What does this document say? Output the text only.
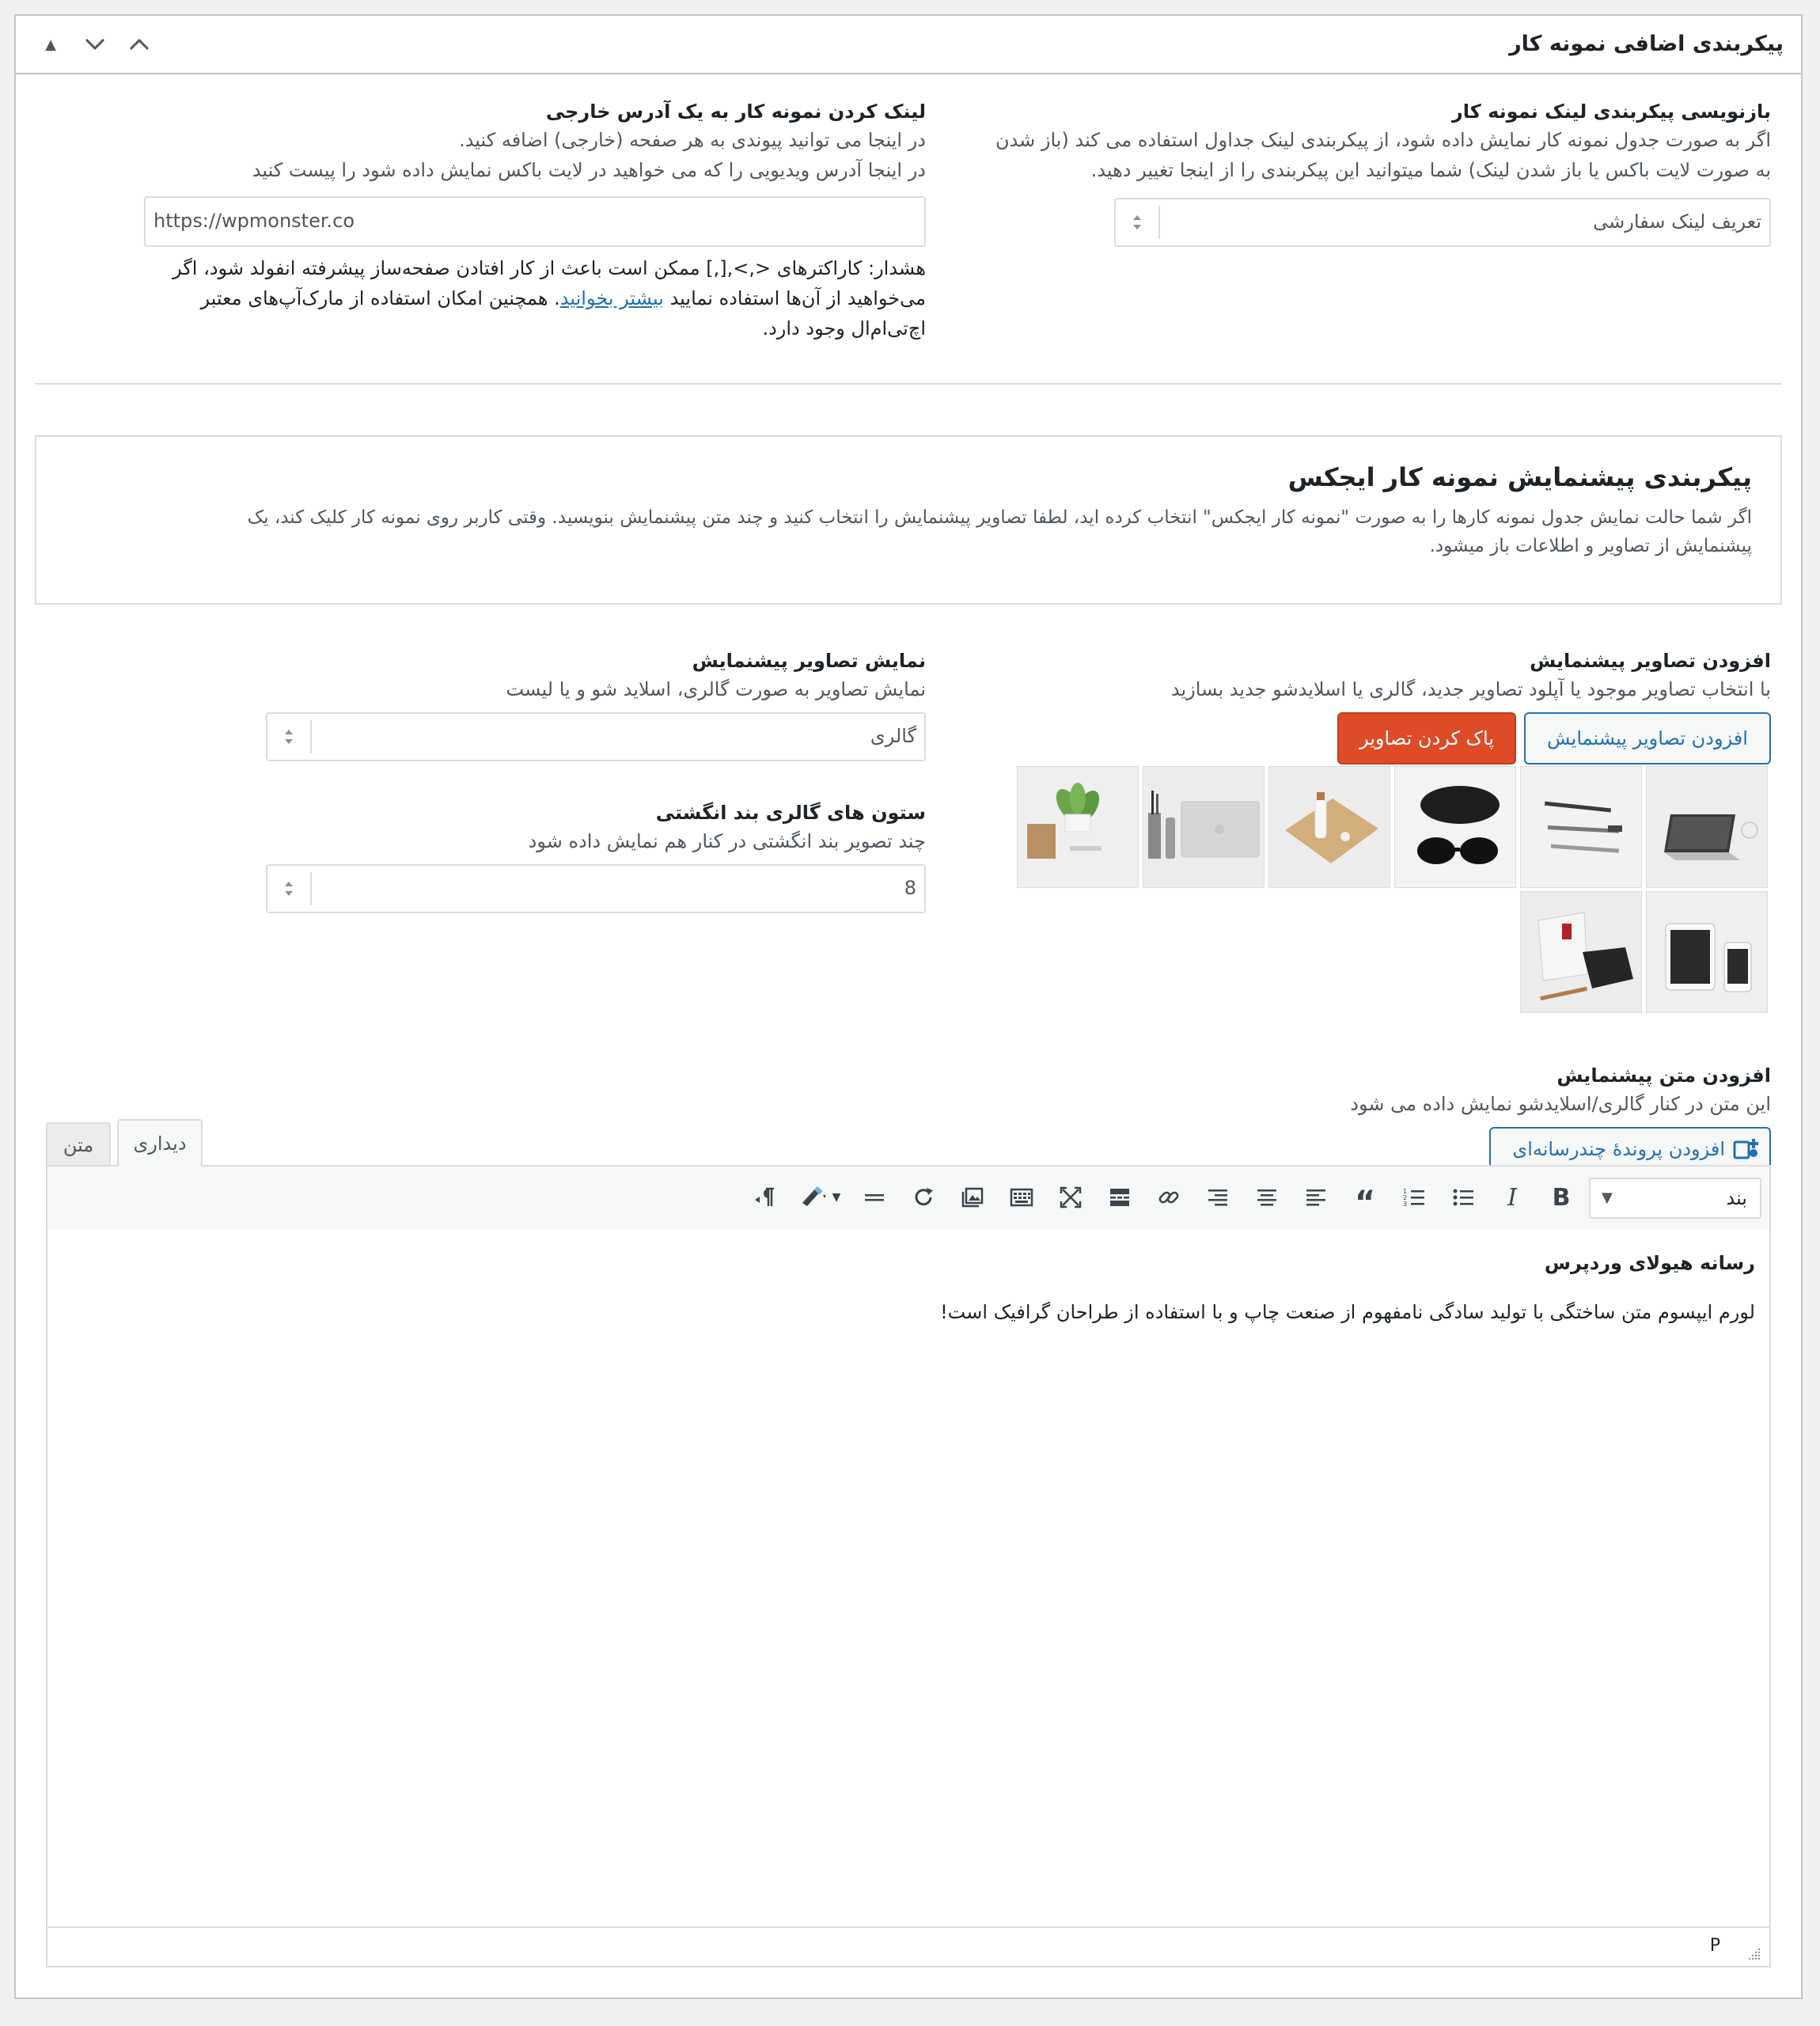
پیکربندی اضافی نمونه کار
▲
بازنویسی پیکربندی لینک نمونه کار
اگر به صورت جدول نمونه کار نمایش داده شود، از پیکربندی لینک جداول استفاده می کند (باز شدن
به صورت لایت باکس یا باز شدن لینک) شما میتوانید این پیکربندی را از اینجا تغییر دهید.
تعریف لینک سفارشی
لینک کردن نمونه کار به یک آدرس خارجی
در اینجا می توانید پیوندی به هر صفحه (خارجی) اضافه کنید.
در اینجا آدرس ویدیویی را که می خواهید در لایت باکس نمایش داده شود را پیست کنید
https://wpmonster.co
هشدار: کاراکترهای <,>,[,] ممکن است باعث از کار افتادن صفحه‌ساز پیشرفته انفولد شود، اگر
می‌خواهید از آن‌ها استفاده نمایید بیشتر بخوانید. همچنین امکان استفاده از مارک‌آپ‌های معتبر
اچ‌تی‌ام‌ال وجود دارد.
پیکربندی پیشنمایش نمونه کار ایجکس
اگر شما حالت نمایش جدول نمونه کارها را به صورت "نمونه کار ایجکس" انتخاب کرده اید، لطفا تصاویر پیشنمایش را انتخاب کنید و چند متن پیشنمایش بنویسید. وقتی کاربر روی نمونه کار کلیک کند، یک
پیشنمایش از تصاویر و اطلاعات باز میشود.
افزودن تصاویر پیشنمایش
با انتخاب تصاویر موجود یا آپلود تصاویر جدید، گالری یا اسلایدشو جدید بسازید
افزودن تصاویر پیشنمایش
پاک کردن تصاویر
نمایش تصاویر پیشنمایش
نمایش تصاویر به صورت گالری، اسلاید شو و یا لیست
گالری
ستون های گالری بند انگشتی
چند تصویر بند انگشتی در کنار هم نمایش داده شود
8
افزودن متن پیشنمایش
این متن در کنار گالری/اسلایدشو نمایش داده می شود
افزودن پروندهٔ چندرسانه‌ای
دیداری
متن
بند
▼
B
I
1
2
3
“
▼
رسانه هیولای وردپرس
لورم ایپسوم متن ساختگی با تولید سادگی نامفهوم از صنعت چاپ و با استفاده از طراحان گرافیک است!
P
